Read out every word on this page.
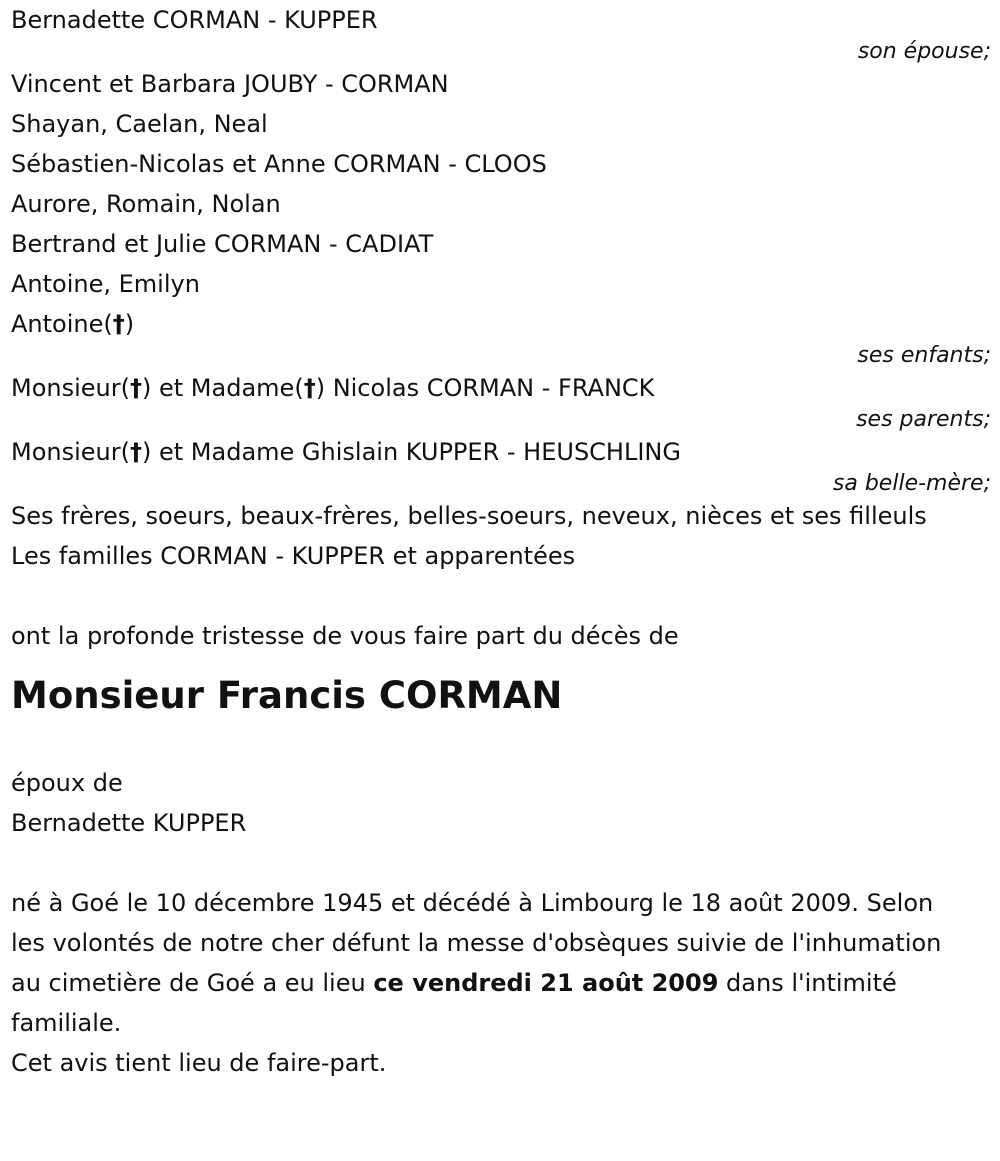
Bernadette CORMAN - KUPPER
son épouse;
Vincent et Barbara JOUBY - CORMAN
Shayan, Caelan, Neal
Sébastien-Nicolas et Anne CORMAN - CLOOS
Aurore, Romain, Nolan
Bertrand et Julie CORMAN - CADIAT
Antoine, Emilyn
Antoine(†)
ses enfants;
Monsieur(†) et Madame(†) Nicolas CORMAN - FRANCK
ses parents;
Monsieur(†) et Madame Ghislain KUPPER - HEUSCHLING
sa belle-mère;
Ses frères, soeurs, beaux-frères, belles-soeurs, neveux, nièces et ses filleuls
Les familles CORMAN - KUPPER et apparentées
ont la profonde tristesse de vous faire part du décès de
Monsieur Francis CORMAN
époux de
Bernadette KUPPER
né à Goé le 10 décembre 1945 et décédé à Limbourg le 18 août 2009. Selon les volontés de notre cher défunt la messe d'obsèques suivie de l'inhumation au cimetière de Goé a eu lieu ce vendredi 21 août 2009 dans l'intimité familiale.
Cet avis tient lieu de faire-part.
